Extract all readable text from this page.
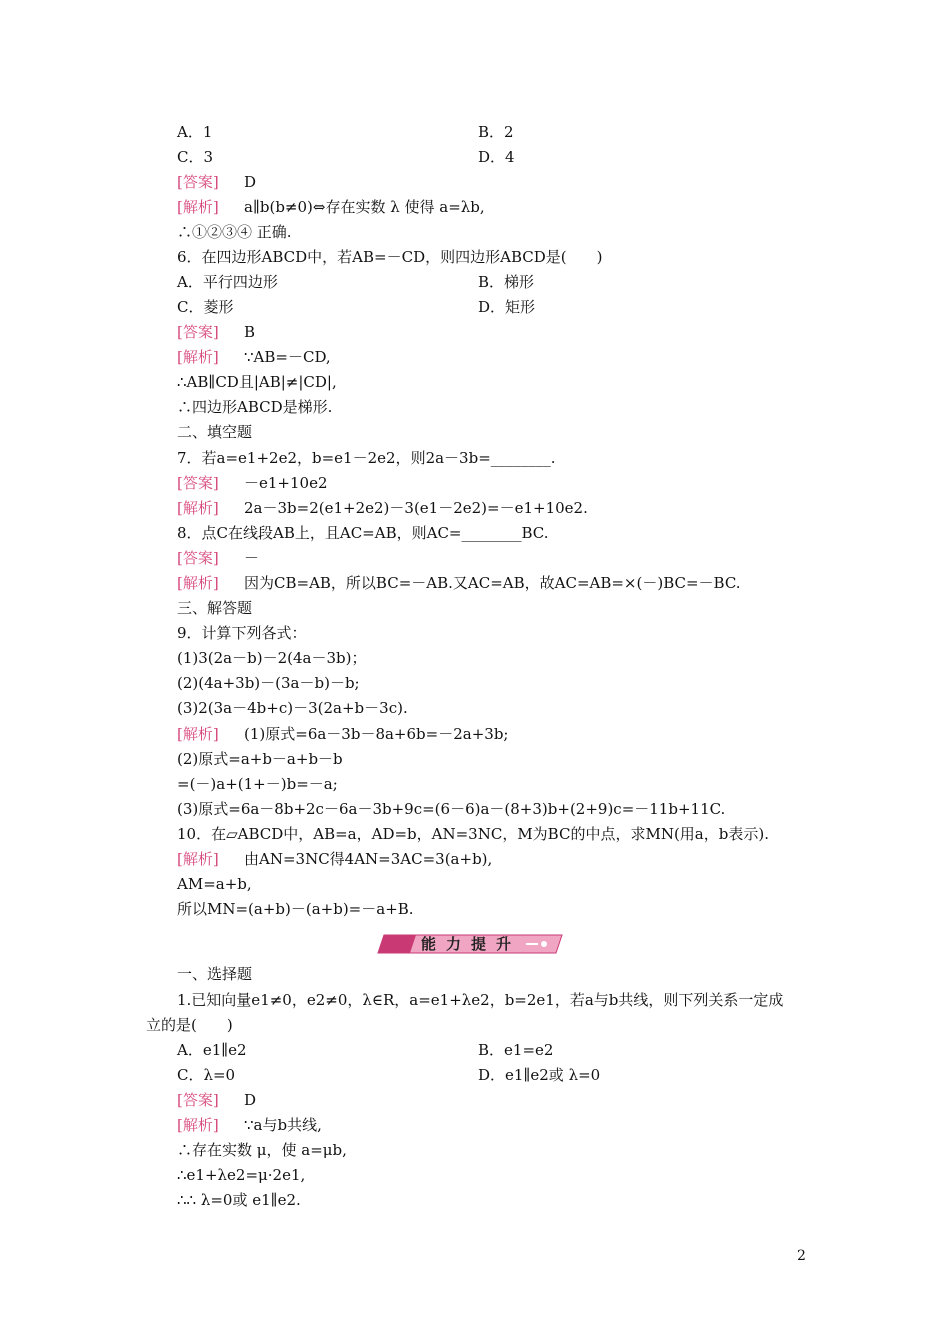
A．1	B．2
C．3	D．4
[答案] D
[解析] a∥b(b≠0)⇔存在实数 λ 使得 a=λb,
∴①②③④ 正确.
6．在四边形ABCD中，若AB=－CD，则四边形ABCD是(　　)
A．平行四边形	B．梯形
C．菱形	D．矩形
[答案] B
[解析] ∵AB=－CD,
∴AB∥CD且|AB|≠|CD|,
∴四边形ABCD是梯形.
二、填空题
7．若a=e1+2e2，b=e1－2e2，则2a－3b=________.
[答案] －e1+10e2
[解析] 2a－3b=2(e1+2e2)－3(e1－2e2)=－e1+10e2.
8．点C在线段AB上，且AC=AB，则AC=________BC.
[答案] －
[解析] 因为CB=AB，所以BC=－AB.又AC=AB，故AC=AB=×(－)BC=－BC.
三、解答题
9．计算下列各式：
(1)3(2a－b)－2(4a－3b)；
(2)(4a+3b)－(3a－b)－b;
(3)2(3a－4b+c)－3(2a+b－3c).
[解析] (1)原式=6a－3b－8a+6b=－2a+3b;
(2)原式=a+b－a+b－b
=(－)a+(1+－)b=－a;
(3)原式=6a－8b+2c－6a－3b+9c=(6－6)a－(8+3)b+(2+9)c=－11b+11C.
10．在▱ABCD中，AB=a，AD=b，AN=3NC，M为BC的中点，求MN(用a，b表示).
[解析] 由AN=3NC得4AN=3AC=3(a+b),
AM=a+b,
所以MN=(a+b)－(a+b)=－a+B.
能力提升
一、选择题
1.已知向量e1≠0，e2≠0，λ∈R，a=e1+λe2，b=2e1，若a与b共线，则下列关系一定成
立的是(　　)
A．e1∥e2	B．e1=e2
C．λ=0	D．e1∥e2或 λ=0
[答案] D
[解析] ∵a与b共线,
∴存在实数 μ，使 a=μb,
∴e1+λe2=μ·2e1,
∴∴ λ=0或 e1∥e2.
2
